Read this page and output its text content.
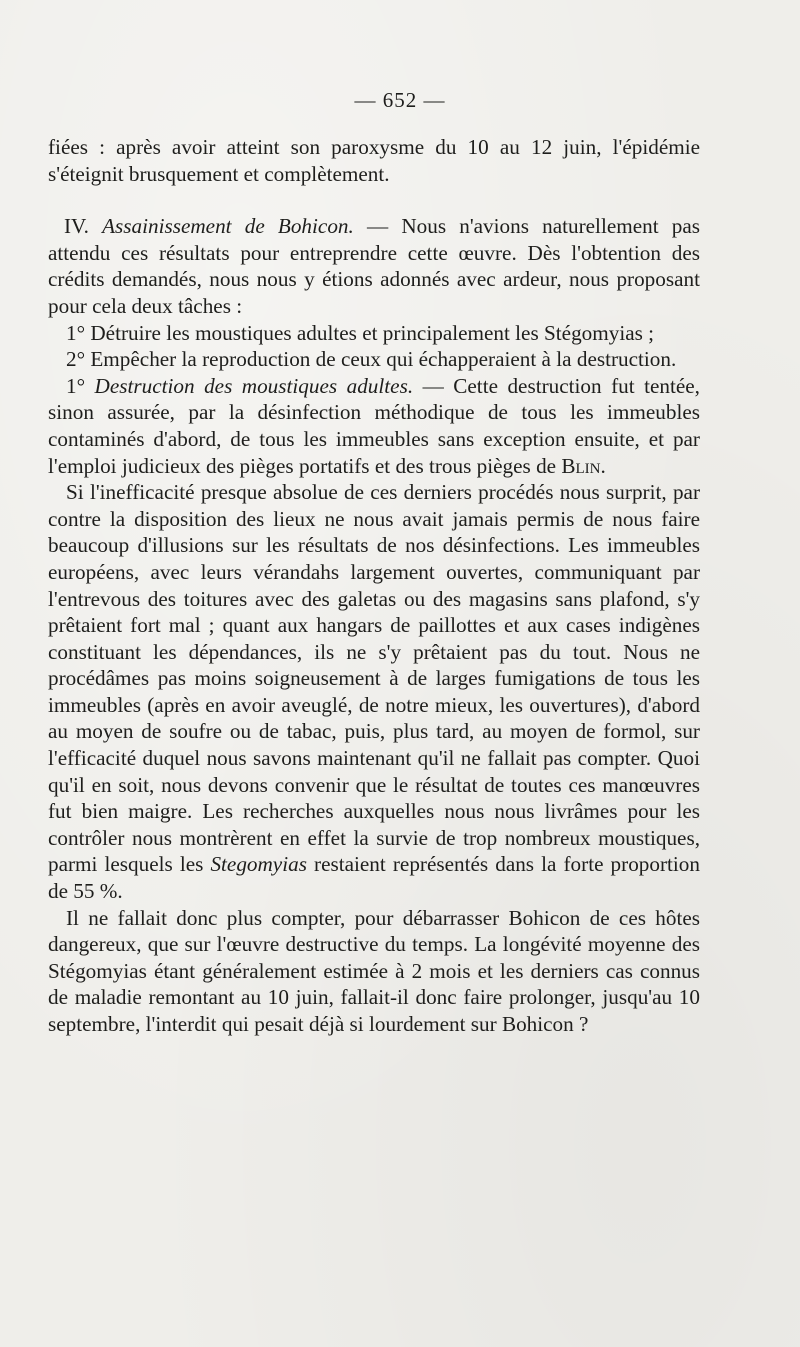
— 652 —

fiées : après avoir atteint son paroxysme du 10 au 12 juin, l'épidémie s'éteignit brusquement et complètement.

IV. Assainissement de Bohicon. — Nous n'avions naturellement pas attendu ces résultats pour entreprendre cette œuvre. Dès l'obtention des crédits demandés, nous nous y étions adonnés avec ardeur, nous proposant pour cela deux tâches :

1° Détruire les moustiques adultes et principalement les Stégomyias ;

2° Empêcher la reproduction de ceux qui échapperaient à la destruction.

1° Destruction des moustiques adultes. — Cette destruction fut tentée, sinon assurée, par la désinfection méthodique de tous les immeubles contaminés d'abord, de tous les immeubles sans exception ensuite, et par l'emploi judicieux des pièges portatifs et des trous pièges de Blin.

Si l'inefficacité presque absolue de ces derniers procédés nous surprit, par contre la disposition des lieux ne nous avait jamais permis de nous faire beaucoup d'illusions sur les résultats de nos désinfections. Les immeubles européens, avec leurs vérandahs largement ouvertes, communiquant par l'entrevous des toitures avec des galetas ou des magasins sans plafond, s'y prêtaient fort mal ; quant aux hangars de paillottes et aux cases indigènes constituant les dépendances, ils ne s'y prêtaient pas du tout. Nous ne procédâmes pas moins soigneusement à de larges fumigations de tous les immeubles (après en avoir aveuglé, de notre mieux, les ouvertures), d'abord au moyen de soufre ou de tabac, puis, plus tard, au moyen de formol, sur l'efficacité duquel nous savons maintenant qu'il ne fallait pas compter. Quoi qu'il en soit, nous devons convenir que le résultat de toutes ces manœuvres fut bien maigre. Les recherches auxquelles nous nous livrâmes pour les contrôler nous montrèrent en effet la survie de trop nombreux moustiques, parmi lesquels les Stegomyias restaient représentés dans la forte proportion de 55 %.

Il ne fallait donc plus compter, pour débarrasser Bohicon de ces hôtes dangereux, que sur l'œuvre destructive du temps. La longévité moyenne des Stégomyias étant généralement estimée à 2 mois et les derniers cas connus de maladie remontant au 10 juin, fallait-il donc faire prolonger, jusqu'au 10 septembre, l'interdit qui pesait déjà si lourdement sur Bohicon ?
